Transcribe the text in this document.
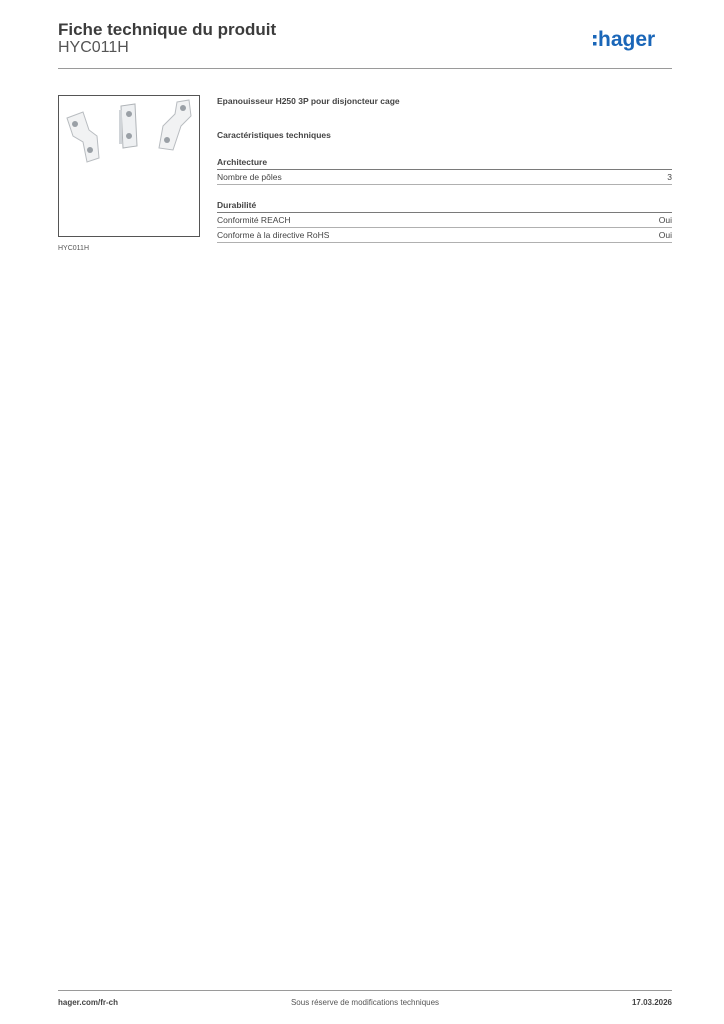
Fiche technique du produit
HYC011H	hager
HYC011H
Epanouisseur H250 3P pour disjoncteur cage
Caractéristiques techniques
Architecture
Nombre de pôles	3
Durabilité
Conformité REACH	Oui
Conforme à la directive RoHS	Oui
Sous réserve de modifications techniques
hager.com/fr-ch	17.03.2026
